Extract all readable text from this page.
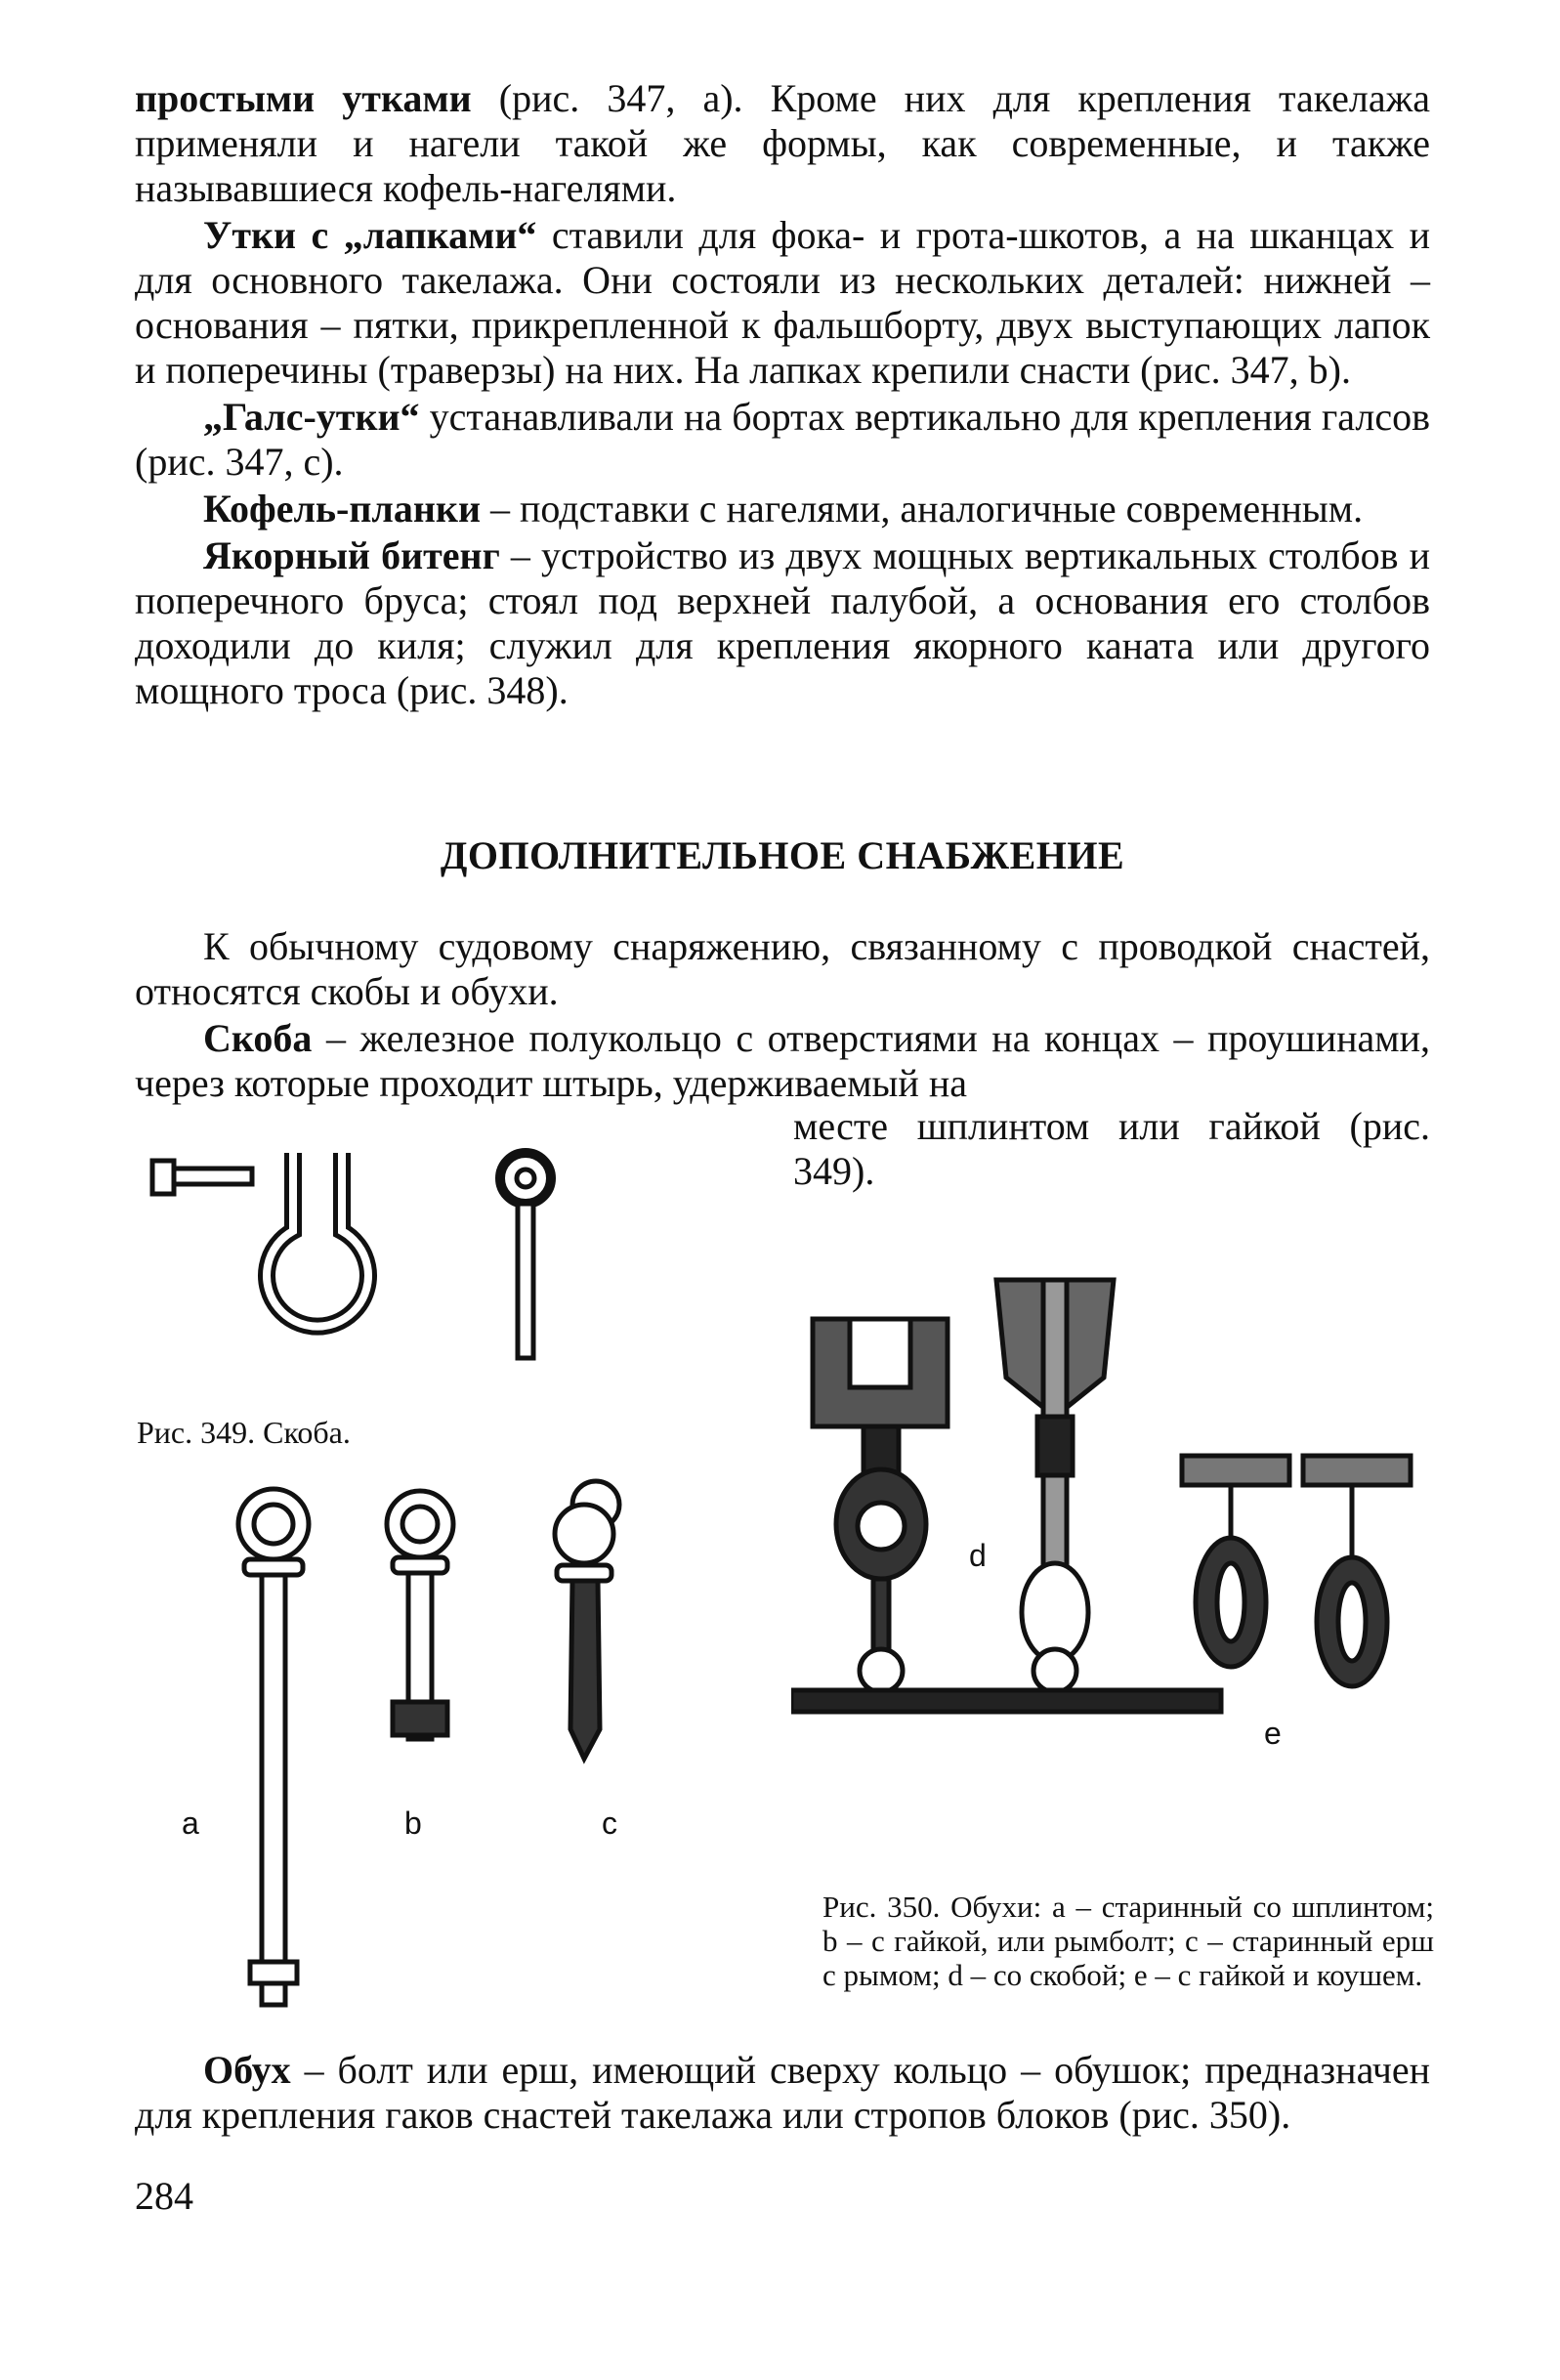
простыми утками (рис. 347, а). Кроме них для крепления такелажа применяли и нагели такой же формы, как современные, и также называвшиеся кофель-нагелями.

Утки с „лапками“ ставили для фока- и грота-шкотов, а на шканцах и для основного такелажа. Они состояли из нескольких деталей: нижней – основания – пятки, прикрепленной к фальшборту, двух выступающих лапок и поперечины (траверзы) на них. На лапках крепили снасти (рис. 347, b).

„Галс-утки“ устанавливали на бортах вертикально для крепления галсов (рис. 347, с).

Кофель-планки – подставки с нагелями, аналогичные современным.

Якорный битенг – устройство из двух мощных вертикальных столбов и поперечного бруса; стоял под верхней палубой, а основания его столбов доходили до киля; служил для крепления якорного каната или другого мощного троса (рис. 348).

ДОПОЛНИТЕЛЬНОЕ СНАБЖЕНИЕ

К обычному судовому снаряжению, связанному с проводкой снастей, относятся скобы и обухи.

Скоба – железное полукольцо с отверстиями на концах – проушинами, через которые проходит штырь, удерживаемый на

месте шплинтом или гайкой (рис. 349).
Рис. 349. Скоба.
a	b	c
d
e
Рис. 350. Обухи: а – старинный со шплинтом; b – с гайкой, или рымболт; с – старинный ерш с рымом; d – со скобой; е – с гайкой и коушем.

Обух – болт или ерш, имеющий сверху кольцо – обушок; предназначен для крепления гаков снастей такелажа или стропов блоков (рис. 350).

284
